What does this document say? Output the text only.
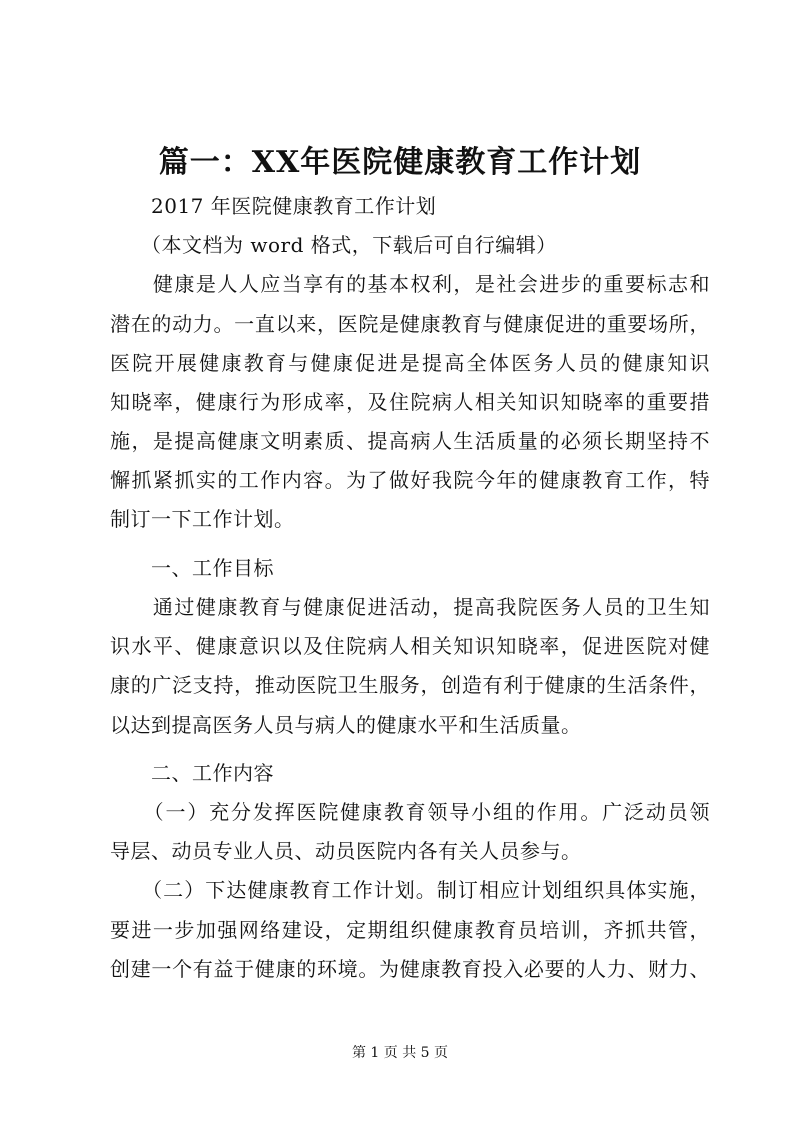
篇一：XX年医院健康教育工作计划
　　2017 年医院健康教育工作计划
　　（本文档为 word 格式，下载后可自行编辑）
　　健康是人人应当享有的基本权利，是社会进步的重要标志和
潜在的动力。一直以来，医院是健康教育与健康促进的重要场所，
医院开展健康教育与健康促进是提高全体医务人员的健康知识
知晓率，健康行为形成率，及住院病人相关知识知晓率的重要措
施，是提高健康文明素质、提高病人生活质量的必须长期坚持不
懈抓紧抓实的工作内容。为了做好我院今年的健康教育工作，特
制订一下工作计划。
　　一、工作目标
　　通过健康教育与健康促进活动，提高我院医务人员的卫生知
识水平、健康意识以及住院病人相关知识知晓率，促进医院对健
康的广泛支持，推动医院卫生服务，创造有利于健康的生活条件，
以达到提高医务人员与病人的健康水平和生活质量。
　　二、工作内容
　　（一）充分发挥医院健康教育领导小组的作用。广泛动员领
导层、动员专业人员、动员医院内各有关人员参与。
　　（二）下达健康教育工作计划。制订相应计划组织具体实施，
要进一步加强网络建设，定期组织健康教育员培训，齐抓共管，
创建一个有益于健康的环境。为健康教育投入必要的人力、财力、
第 1 页 共 5 页
